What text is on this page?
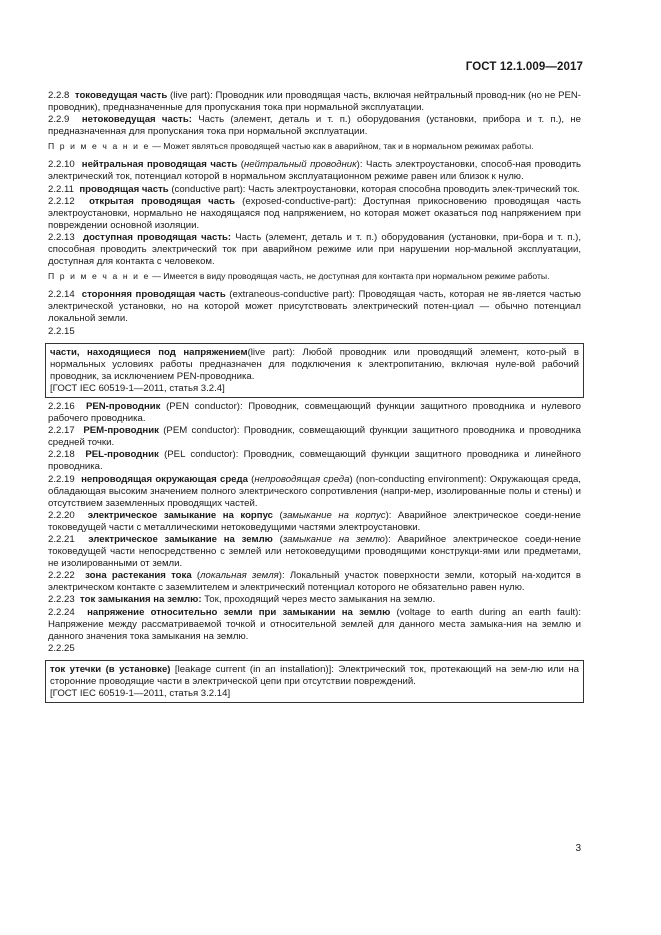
ГОСТ 12.1.009—2017

2.2.8 токоведущая часть (live part): Проводник или проводящая часть, включая нейтральный провод-ник (но не PEN-проводник), предназначенные для пропускания тока при нормальной эксплуатации.

2.2.9 нетоковедущая часть: Часть (элемент, деталь и т. п.) оборудования (установки, прибора и т. п.), не предназначенная для пропускания тока при нормальной эксплуатации.

П р и м е ч а н и е — Может являться проводящей частью как в аварийном, так и в нормальном режимах работы.

2.2.10 нейтральная проводящая часть (нейтральный проводник): Часть электроустановки, способ-ная проводить электрический ток, потенциал которой в нормальном эксплуатационном режиме равен или близок к нулю.

2.2.11 проводящая часть (conductive part): Часть электроустановки, которая способна проводить элек-трический ток.

2.2.12 открытая проводящая часть (exposed-conductive-part): Доступная прикосновению проводящая часть электроустановки, нормально не находящаяся под напряжением, но которая может оказаться под напряжением при повреждении основной изоляции.

2.2.13 доступная проводящая часть: Часть (элемент, деталь и т. п.) оборудования (установки, при-бора и т. п.), способная проводить электрический ток при аварийном режиме или при нарушении нор-мальной эксплуатации, доступная для контакта с человеком.

П р и м е ч а н и е — Имеется в виду проводящая часть, не доступная для контакта при нормальном режиме работы.

2.2.14 сторонняя проводящая часть (extraneous-conductive part): Проводящая часть, которая не яв-ляется частью электрической установки, но на которой может присутствовать электрический потен-циал — обычно потенциал локальной земли.

2.2.15

части, находящиеся под напряжением(live part): Любой проводник или проводящий элемент, кото-рый в нормальных условиях работы предназначен для подключения к электропитанию, включая нуле-вой рабочий проводник, за исключением PEN-проводника.

[ГОСТ IEC 60519-1—2011, статья 3.2.4]

2.2.16 PEN-проводник (PEN conductor): Проводник, совмещающий функции защитного проводника и нулевого рабочего проводника.

2.2.17 PEM-проводник (PEM conductor): Проводник, совмещающий функции защитного проводника и проводника средней точки.

2.2.18 PEL-проводник (PEL conductor): Проводник, совмещающий функции защитного проводника и линейного проводника.

2.2.19 непроводящая окружающая среда (непроводящая среда) (non-conducting environment): Окружающая среда, обладающая высоким значением полного электрического сопротивления (напри-мер, изолированные полы и стены) и отсутствием заземленных проводящих частей.

2.2.20 электрическое замыкание на корпус (замыкание на корпус): Аварийное электрическое соеди-нение токоведущей части с металлическими нетоковедущими частями электроустановки.

2.2.21 электрическое замыкание на землю (замыкание на землю): Аварийное электрическое соеди-нение токоведущей части непосредственно с землей или нетоковедущими проводящими конструкци-ями или предметами, не изолированными от земли.

2.2.22 зона растекания тока (локальная земля): Локальный участок поверхности земли, который на-ходится в электрическом контакте с заземлителем и электрический потенциал которого не обязательно равен нулю.

2.2.23 ток замыкания на землю: Ток, проходящий через место замыкания на землю.

2.2.24 напряжение относительно земли при замыкании на землю (voltage to earth during an earth fault): Напряжение между рассматриваемой точкой и относительной землей для данного места замыка-ния на землю и данного значения тока замыкания на землю.

2.2.25

ток утечки (в установке) [leakage current (in an installation)]: Электрический ток, протекающий на зем-лю или на сторонние проводящие части в электрической цепи при отсутствии повреждений.

[ГОСТ IEC 60519-1—2011, статья 3.2.14]

3
